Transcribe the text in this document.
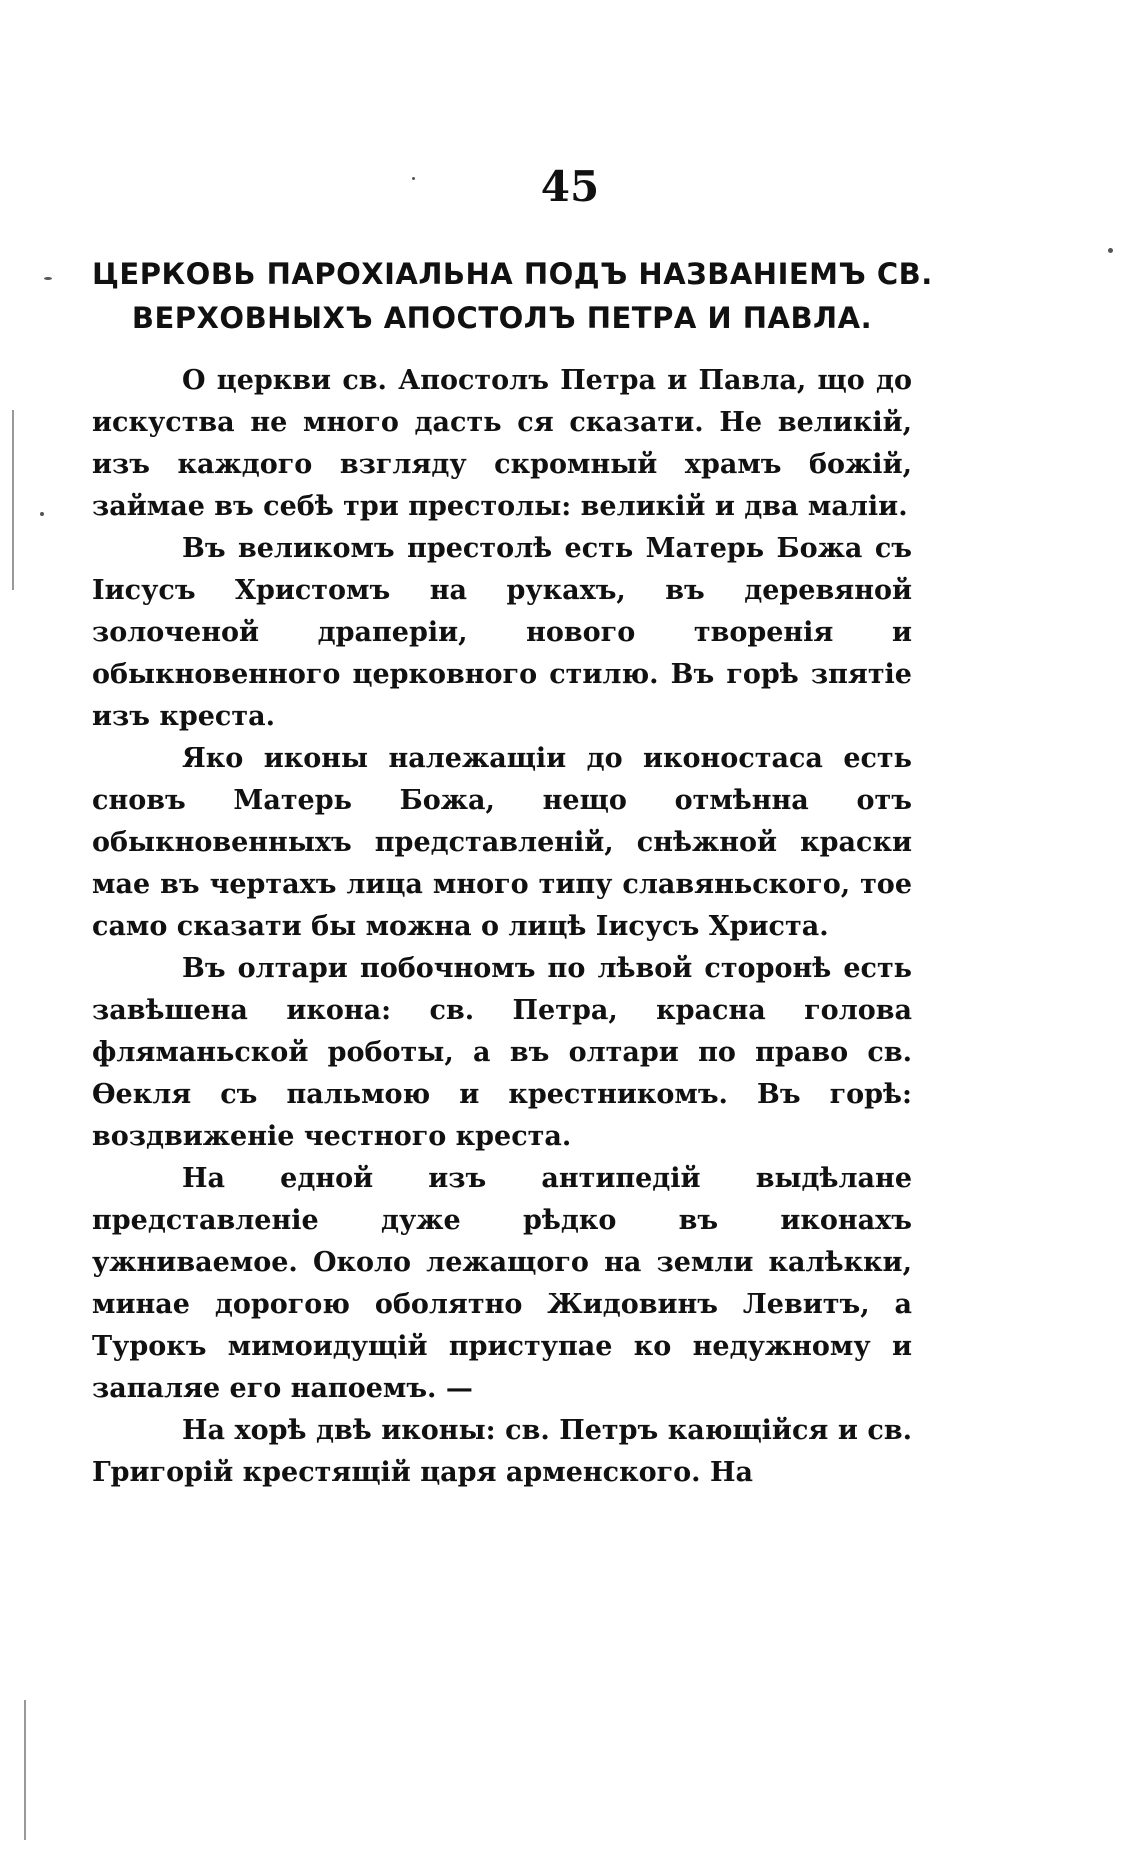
45
ЦЕРКОВЬ ПАРОХІАЛЬНА ПОДЪ НАЗВАНІЕМЪ СВ.
ВЕРХОВНЫХЪ АПОСТОЛЪ ПЕТРА И ПАВЛА.

О церкви св. Апостолъ Петра и Павла, що до искуства не много дасть ся сказати. Не великій, изъ каждого взгляду скромный храмъ божій, займае въ себѣ три престолы: великій и два маліи.

Въ великомъ престолѣ есть Матерь Божа съ Іисусъ Христомъ на рукахъ, въ деревяной золоченой драперіи, нового творенія и обыкновенного церковного стилю. Въ горѣ зпятіе изъ креста.

Яко иконы належащіи до иконостаса есть сновъ Матерь Божа, нещо отмѣнна отъ обыкновенныхъ представленій, снѣжной краски мае въ чертахъ лица много типу славяньского, тое само сказати бы можна о лицѣ Іисусъ Христа.

Въ олтари побочномъ по лѣвой сторонѣ есть завѣшена икона: св. Петра, красна голова фляманьской роботы, а въ олтари по право св. Өекля съ пальмою и крестникомъ. Въ горѣ: воздвиженіе честного креста.

На едной изъ антипедій выдѣлане представленіе дуже рѣдко въ иконахъ ужниваемое. Около лежащого на земли калѣкки, минае дорогою оболятно Жидовинъ Левитъ, а Турокъ мимоидущій приступае ко недужному и запаляе его напоемъ. —

На хорѣ двѣ иконы: св. Петръ кающійся и св. Григорій крестящій царя арменского. На
